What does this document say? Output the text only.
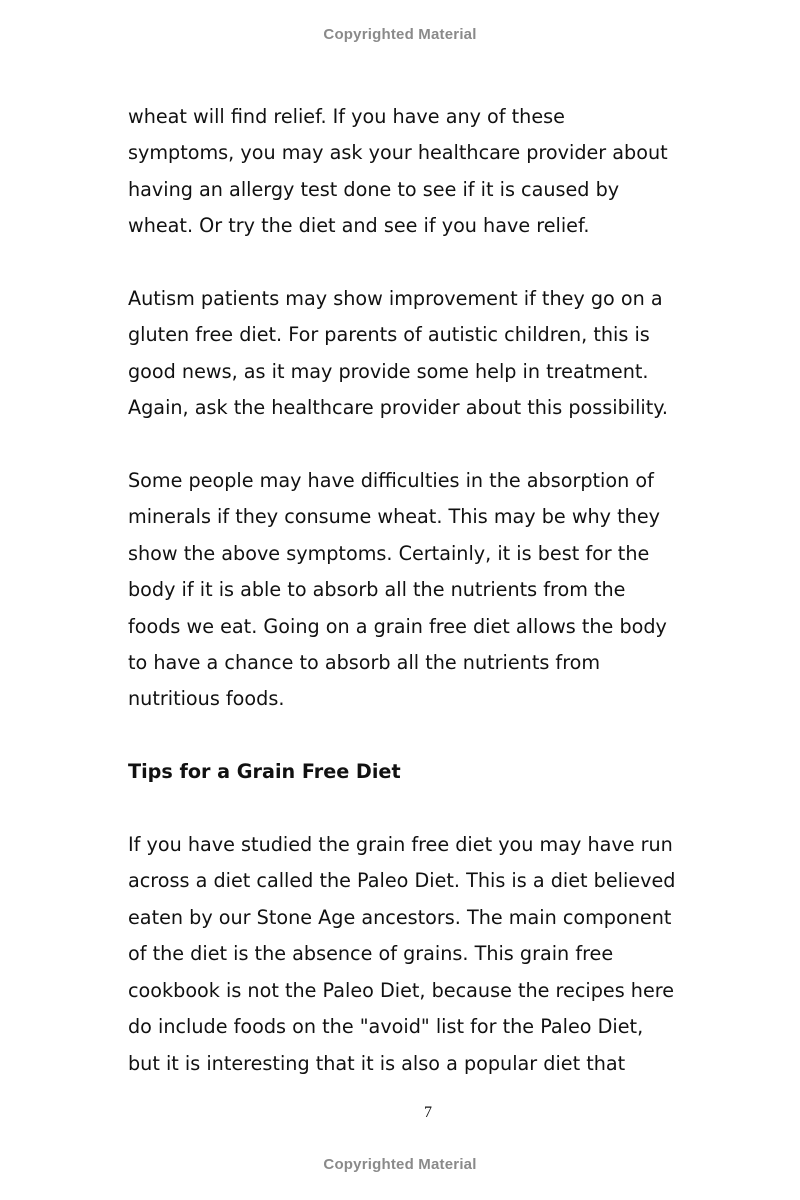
Copyrighted Material
wheat will find relief. If you have any of these
symptoms, you may ask your healthcare provider about
having an allergy test done to see if it is caused by
wheat. Or try the diet and see if you have relief.
Autism patients may show improvement if they go on a
gluten free diet. For parents of autistic children, this is
good news, as it may provide some help in treatment.
Again, ask the healthcare provider about this possibility.
Some people may have difficulties in the absorption of
minerals if they consume wheat. This may be why they
show the above symptoms. Certainly, it is best for the
body if it is able to absorb all the nutrients from the
foods we eat. Going on a grain free diet allows the body
to have a chance to absorb all the nutrients from
nutritious foods.
Tips for a Grain Free Diet
If you have studied the grain free diet you may have run
across a diet called the Paleo Diet. This is a diet believed
eaten by our Stone Age ancestors. The main component
of the diet is the absence of grains. This grain free
cookbook is not the Paleo Diet, because the recipes here
do include foods on the "avoid" list for the Paleo Diet,
but it is interesting that it is also a popular diet that
7
Copyrighted Material
